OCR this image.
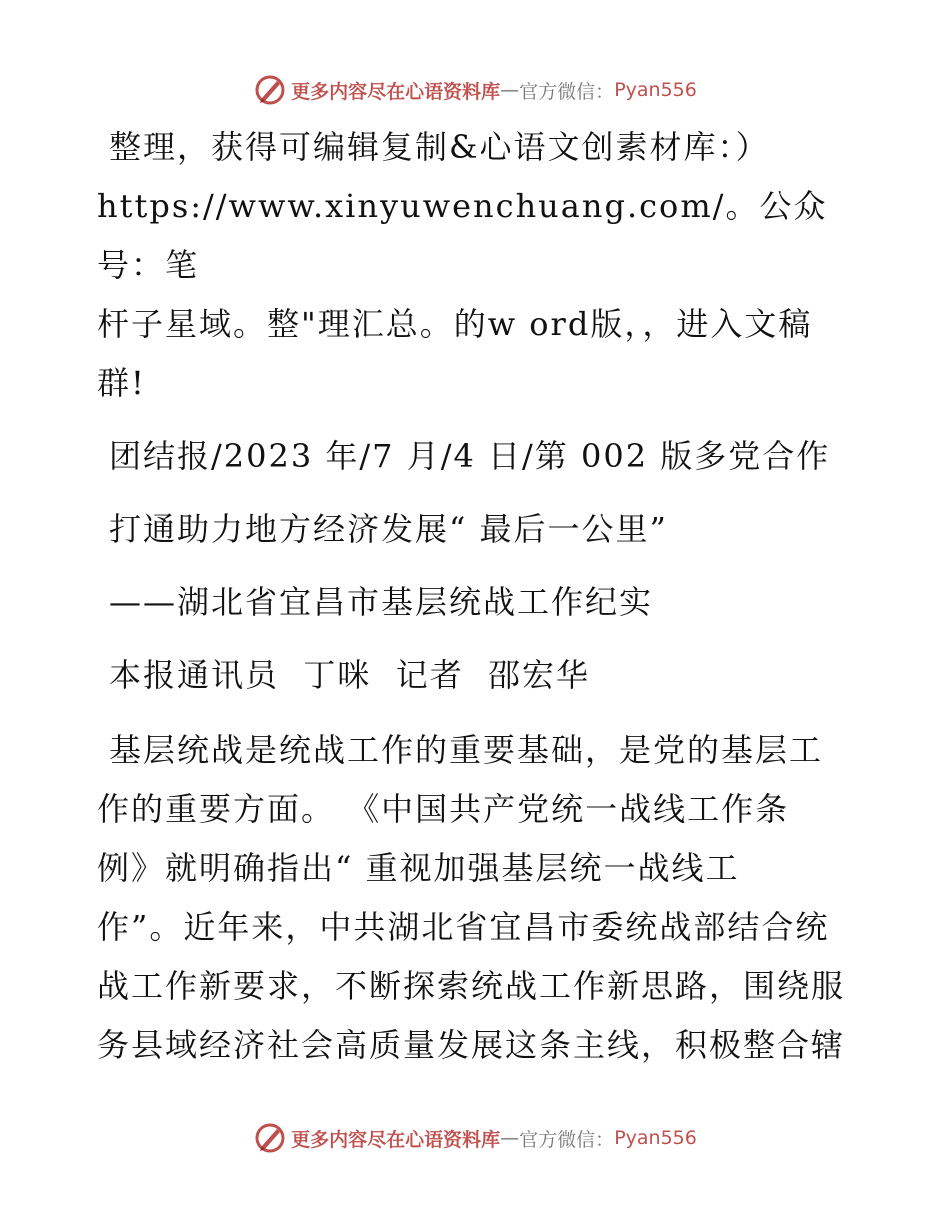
更多内容尽在心语资料库 — 官方微信： Pyan556

整理，获得可编辑复制&心语文创素材库：）

https://www.xinyuwenchuang.com/。公众号：笔

杆子星域。整"理汇总。的w ord版，，进入文稿

群!

团结报/2023 年/7 月/4 日/第 002 版多党合作

打通助力地方经济发展“ 最后一公里”

——湖北省宜昌市基层统战工作纪实

本报通讯员  丁咪  记者  邵宏华

基层统战是统战工作的重要基础，是党的基层工

作的重要方面。 《中国共产党统一战线工作条

例》就明确指出“ 重视加强基层统一战线工

作”。近年来，中共湖北省宜昌市委统战部结合统

战工作新要求，不断探索统战工作新思路，围绕服

务县域经济社会高质量发展这条主线，积极整合辖

更多内容尽在心语资料库 — 官方微信： Pyan556
